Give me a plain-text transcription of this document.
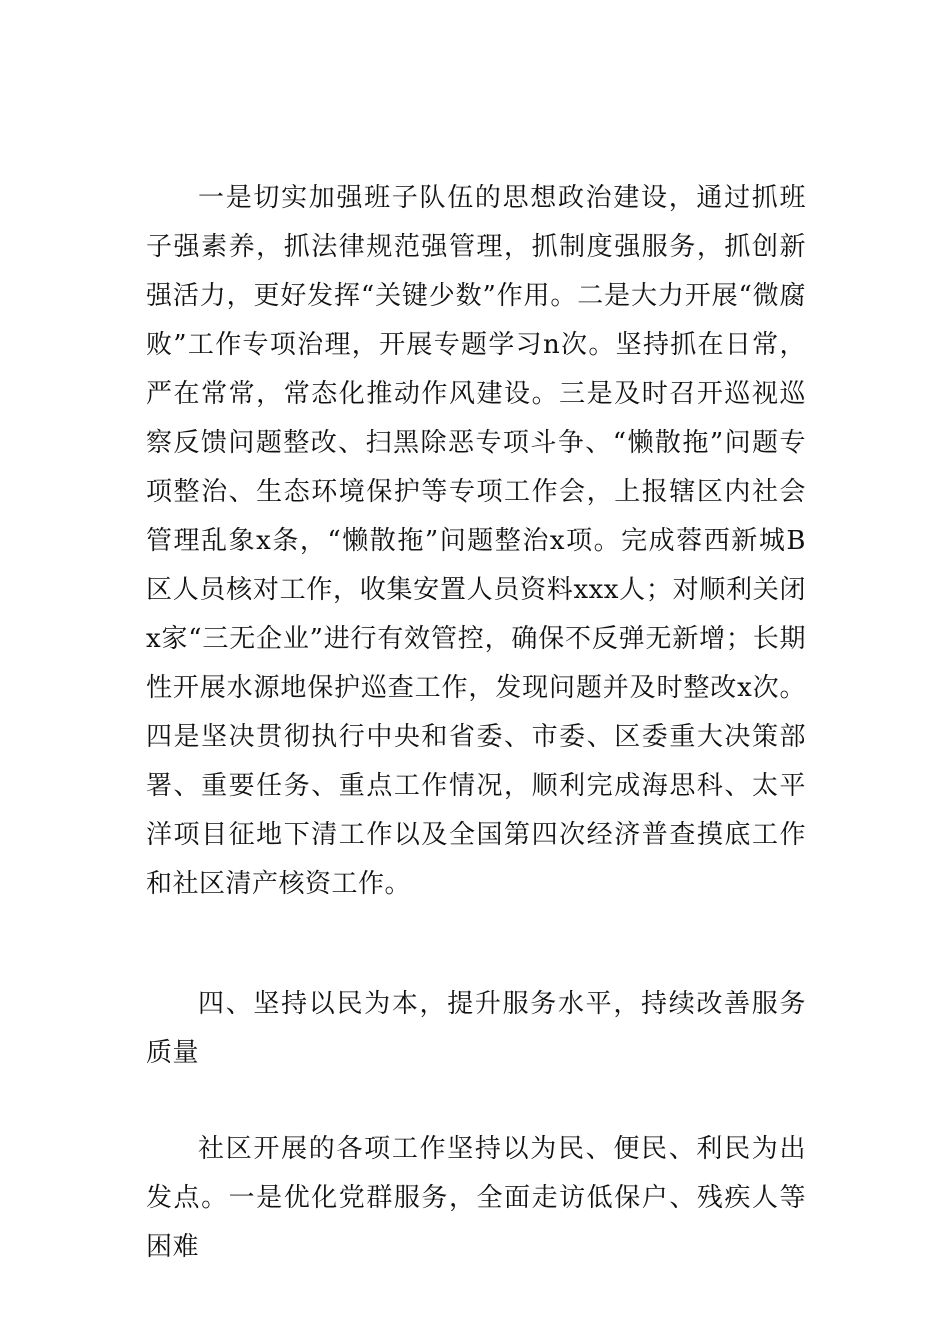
一是切实加强班子队伍的思想政治建设，通过抓班子强素养，抓法律规范强管理，抓制度强服务，抓创新强活力，更好发挥“关键少数”作用。二是大力开展“微腐败”工作专项治理，开展专题学习n次。坚持抓在日常，严在常常，常态化推动作风建设。三是及时召开巡视巡察反馈问题整改、扫黑除恶专项斗争、“懒散拖”问题专项整治、生态环境保护等专项工作会，上报辖区内社会管理乱象x条，“懒散拖”问题整治x项。完成蓉西新城B区人员核对工作，收集安置人员资料xxx人；对顺利关闭x家“三无企业”进行有效管控，确保不反弹无新增；长期性开展水源地保护巡查工作，发现问题并及时整改x次。四是坚决贯彻执行中央和省委、市委、区委重大决策部署、重要任务、重点工作情况，顺利完成海思科、太平洋项目征地下清工作以及全国第四次经济普查摸底工作和社区清产核资工作。

四、坚持以民为本，提升服务水平，持续改善服务质量

社区开展的各项工作坚持以为民、便民、利民为出发点。一是优化党群服务，全面走访低保户、残疾人等困难
